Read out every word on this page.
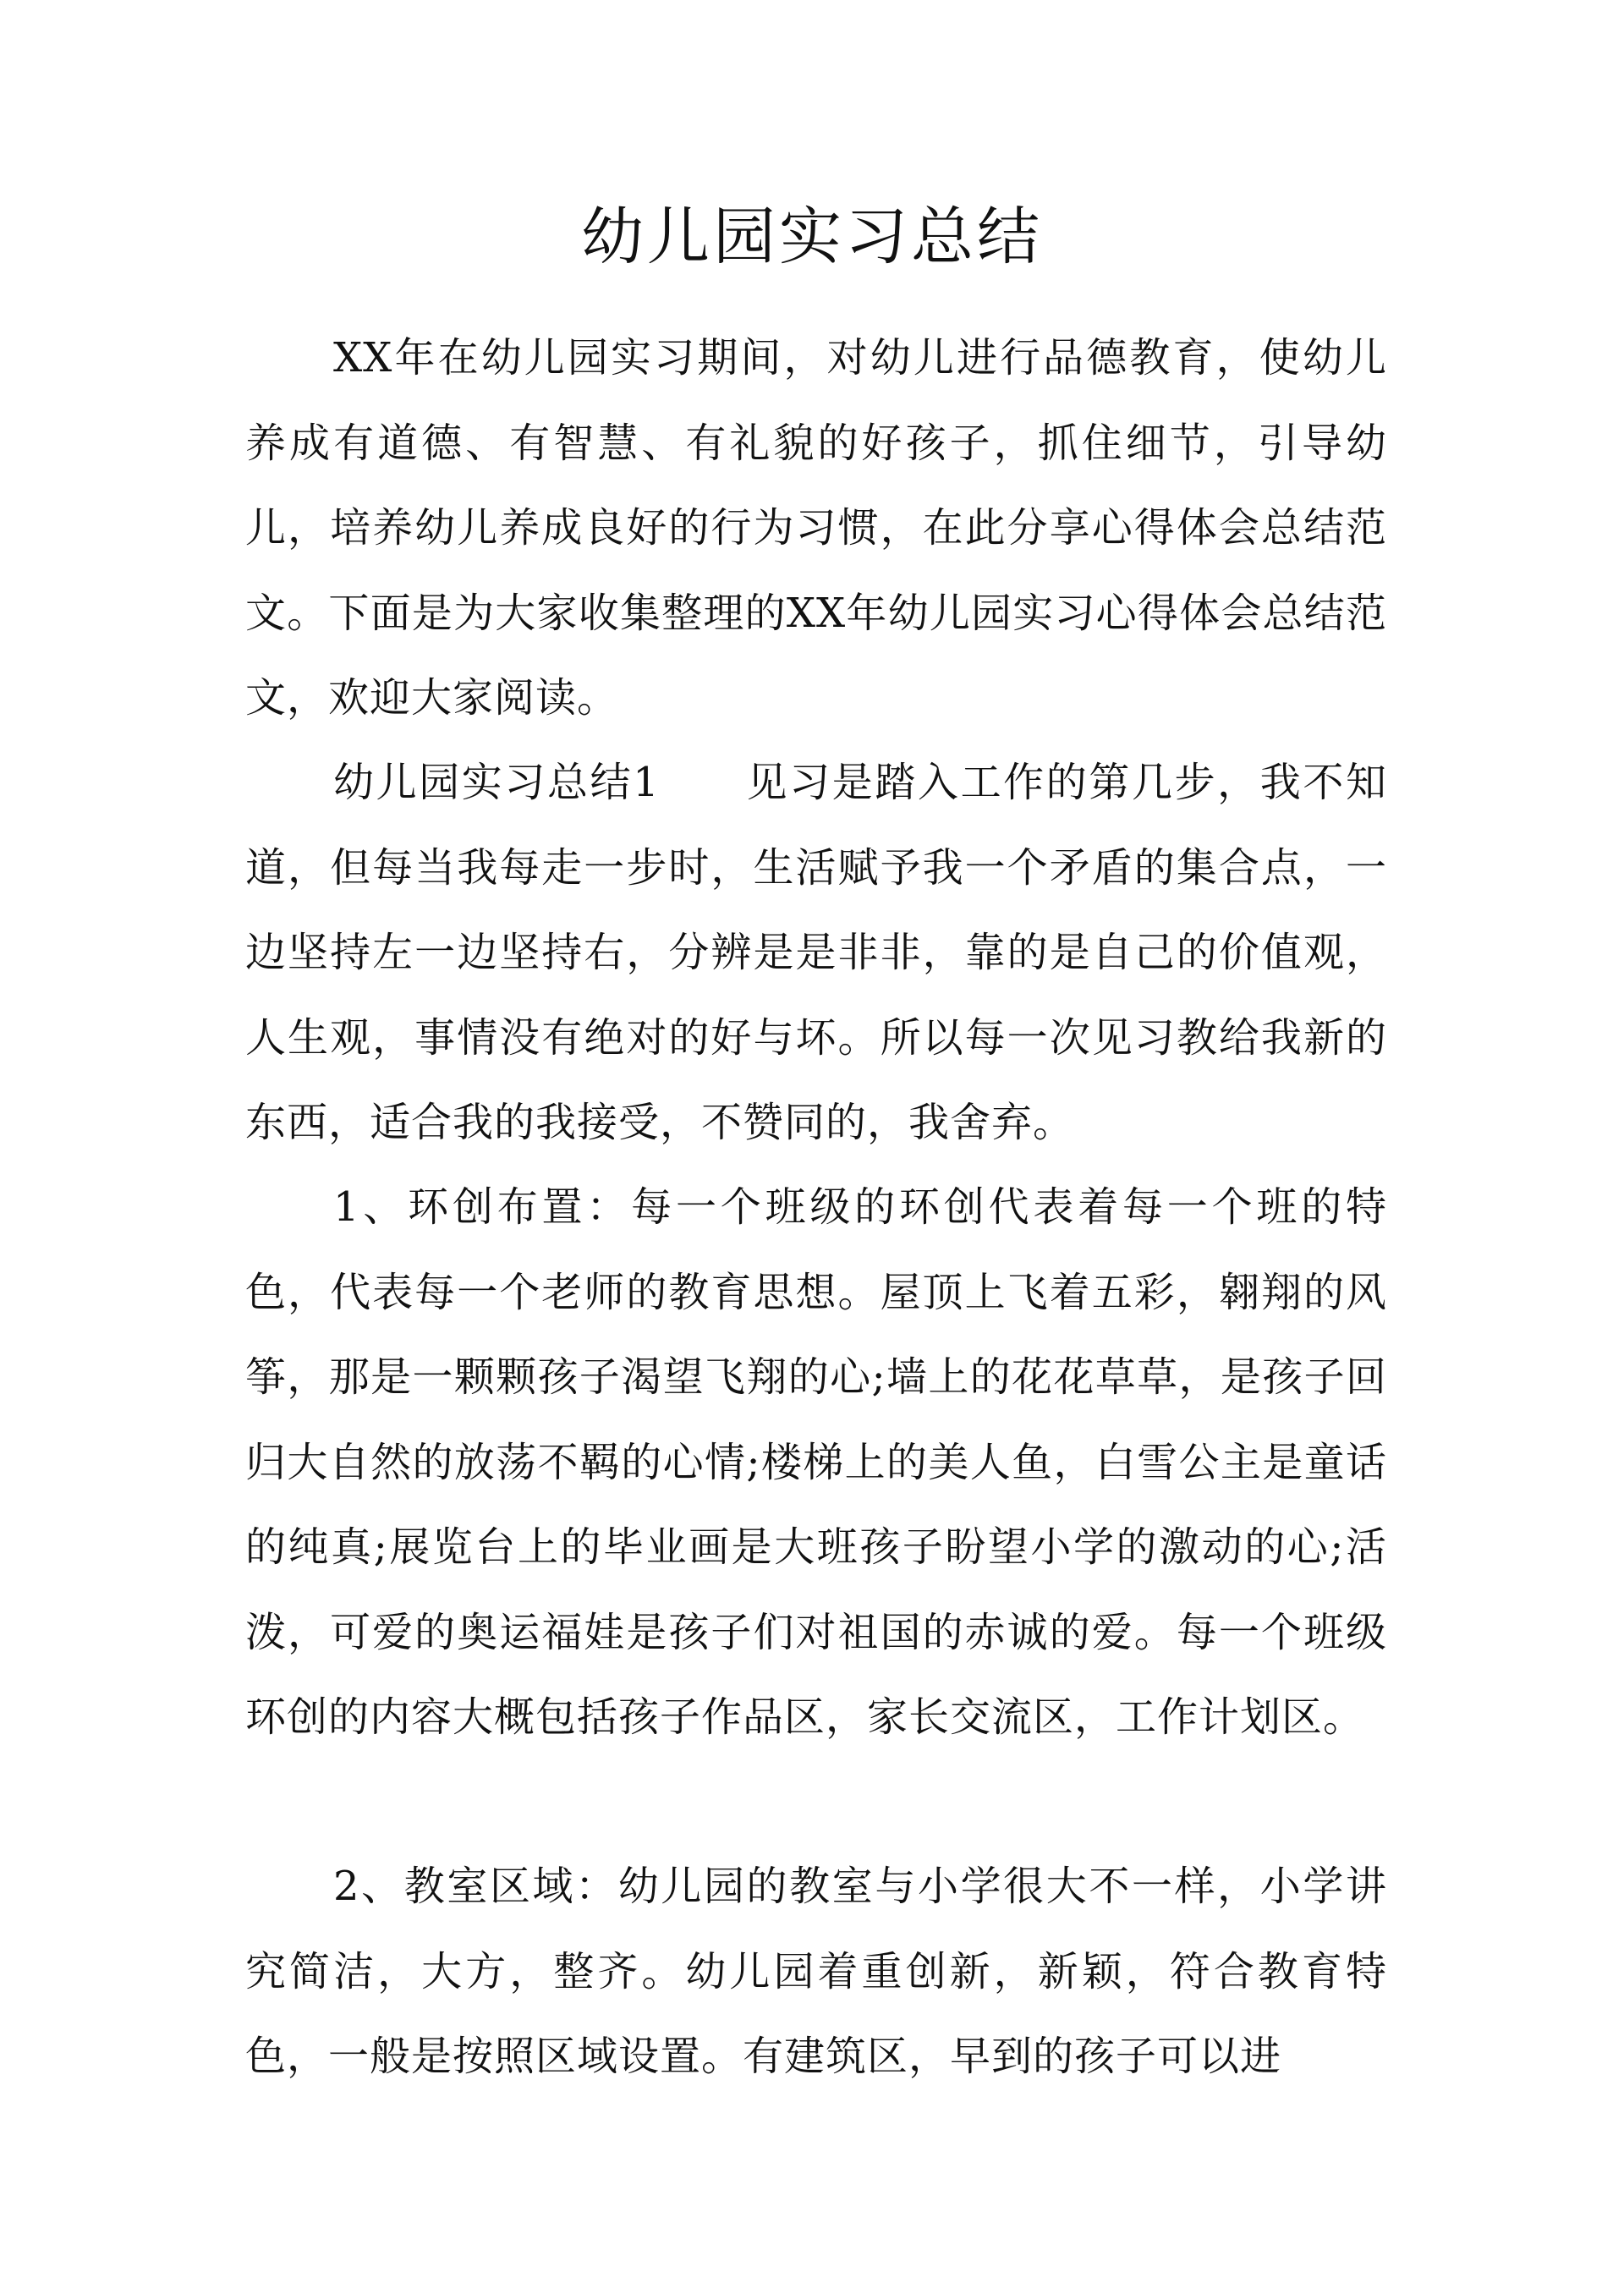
幼儿园实习总结

XX年在幼儿园实习期间，对幼儿进行品德教育，使幼儿养成有道德、有智慧、有礼貌的好孩子，抓住细节，引导幼儿，培养幼儿养成良好的行为习惯，在此分享心得体会总结范文。下面是为大家收集整理的XX年幼儿园实习心得体会总结范文，欢迎大家阅读。

幼儿园实习总结1　　见习是踏入工作的第几步，我不知道，但每当我每走一步时，生活赋予我一个矛盾的集合点，一边坚持左一边坚持右，分辨是是非非，靠的是自己的价值观，人生观，事情没有绝对的好与坏。所以每一次见习教给我新的东西，适合我的我接受，不赞同的，我舍弃。

1、环创布置：每一个班级的环创代表着每一个班的特色，代表每一个老师的教育思想。屋顶上飞着五彩，翱翔的风筝，那是一颗颗孩子渴望飞翔的心;墙上的花花草草，是孩子回归大自然的放荡不羁的心情;楼梯上的美人鱼，白雪公主是童话的纯真;展览台上的毕业画是大班孩子盼望小学的激动的心;活泼，可爱的奥运福娃是孩子们对祖国的赤诚的爱。每一个班级环创的内容大概包括孩子作品区，家长交流区，工作计划区。

2、教室区域：幼儿园的教室与小学很大不一样，小学讲究简洁，大方，整齐。幼儿园着重创新，新颖，符合教育特色，一般是按照区域设置。有建筑区，早到的孩子可以进
